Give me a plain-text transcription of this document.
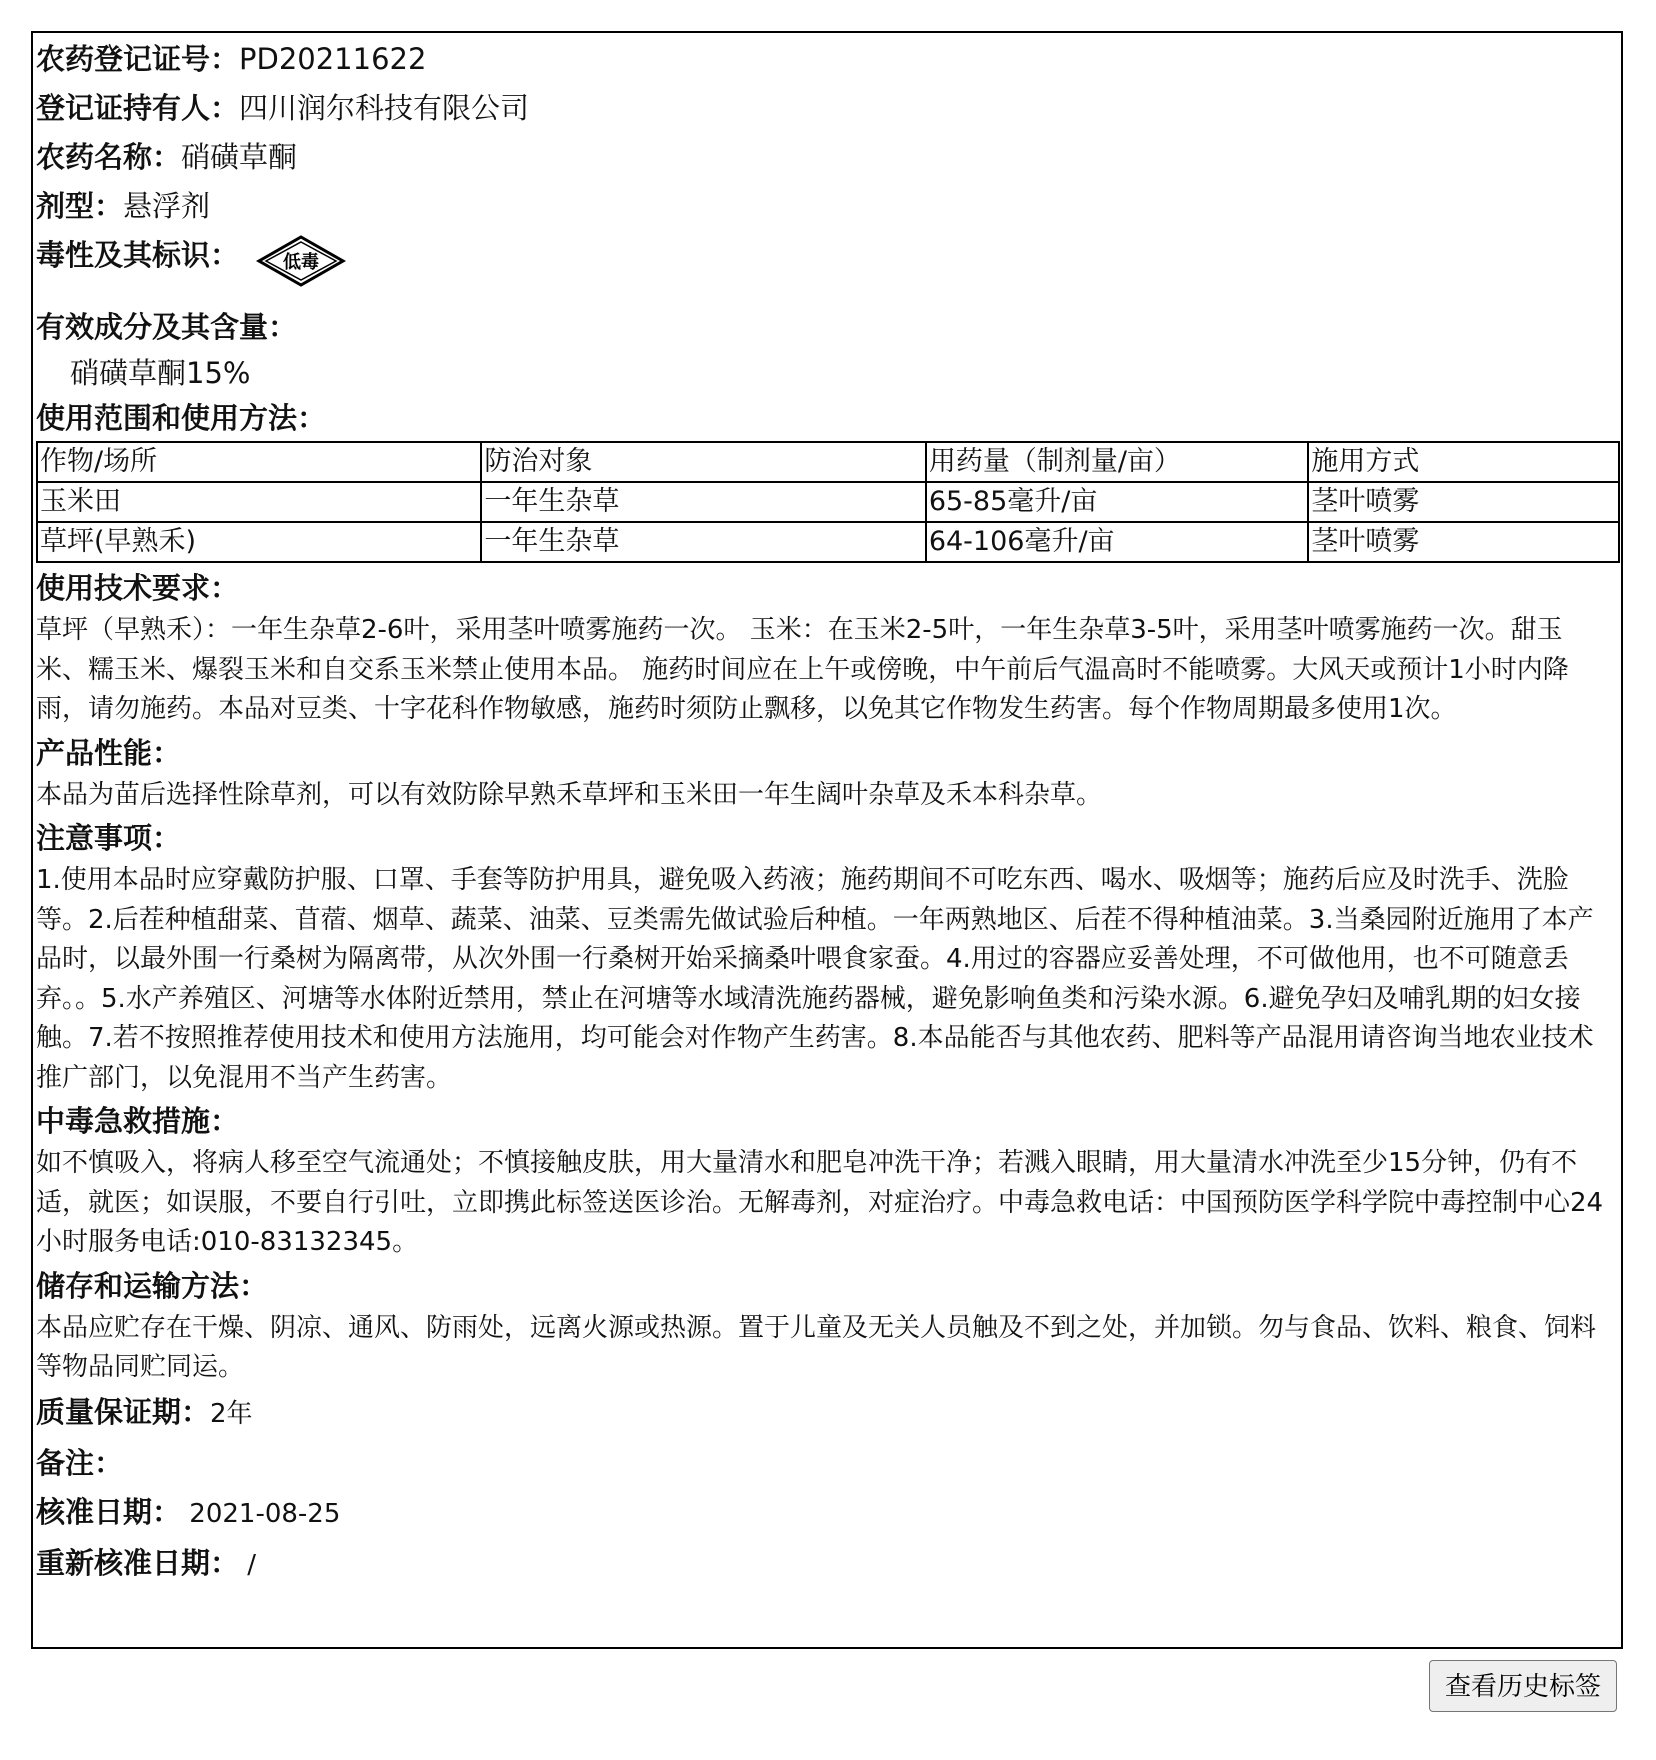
农药登记证号：PD20211622
登记证持有人：四川润尔科技有限公司
农药名称：硝磺草酮
剂型：悬浮剂
毒性及其标识： 低毒
有效成分及其含量：
硝磺草酮15%
使用范围和使用方法：
作物/场所	防治对象	用药量（制剂量/亩）	施用方式
玉米田	一年生杂草	65-85毫升/亩	茎叶喷雾
草坪(早熟禾)	一年生杂草	64-106毫升/亩	茎叶喷雾
使用技术要求：

草坪（早熟禾）：一年生杂草2-6叶，采用茎叶喷雾施药一次。 玉米：在玉米2-5叶，一年生杂草3-5叶，采用茎叶喷雾施药一次。甜玉米、糯玉米、爆裂玉米和自交系玉米禁止使用本品。 施药时间应在上午或傍晚，中午前后气温高时不能喷雾。大风天或预计1小时内降雨，请勿施药。本品对豆类、十字花科作物敏感，施药时须防止飘移，以免其它作物发生药害。每个作物周期最多使用1次。

产品性能：

本品为苗后选择性除草剂，可以有效防除早熟禾草坪和玉米田一年生阔叶杂草及禾本科杂草。

注意事项：

1.使用本品时应穿戴防护服、口罩、手套等防护用具，避免吸入药液；施药期间不可吃东西、喝水、吸烟等；施药后应及时洗手、洗脸等。2.后茬种植甜菜、苜蓿、烟草、蔬菜、油菜、豆类需先做试验后种植。一年两熟地区、后茬不得种植油菜。3.当桑园附近施用了本产品时，以最外围一行桑树为隔离带，从次外围一行桑树开始采摘桑叶喂食家蚕。4.用过的容器应妥善处理，不可做他用，也不可随意丢弃。。5.水产养殖区、河塘等水体附近禁用，禁止在河塘等水域清洗施药器械，避免影响鱼类和污染水源。6.避免孕妇及哺乳期的妇女接触。7.若不按照推荐使用技术和使用方法施用，均可能会对作物产生药害。8.本品能否与其他农药、肥料等产品混用请咨询当地农业技术推广部门，以免混用不当产生药害。

中毒急救措施：

如不慎吸入，将病人移至空气流通处；不慎接触皮肤，用大量清水和肥皂冲洗干净；若溅入眼睛，用大量清水冲洗至少15分钟，仍有不适，就医；如误服，不要自行引吐，立即携此标签送医诊治。无解毒剂，对症治疗。中毒急救电话：中国预防医学科学院中毒控制中心24小时服务电话:010-83132345。

储存和运输方法：

本品应贮存在干燥、阴凉、通风、防雨处，远离火源或热源。置于儿童及无关人员触及不到之处，并加锁。勿与食品、饮料、粮食、饲料等物品同贮同运。

质量保证期：2年
备注：
核准日期： 2021-08-25
重新核准日期： /
查看历史标签
